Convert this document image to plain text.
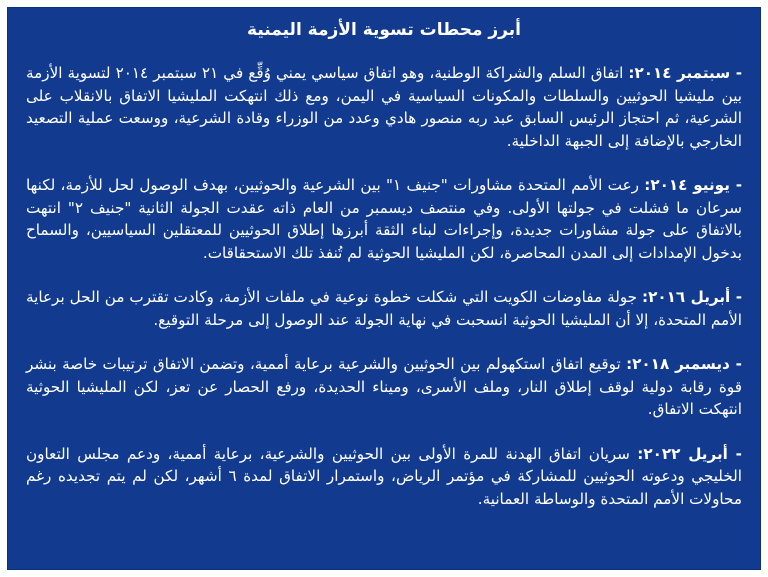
أبرز محطات تسوية الأزمة اليمنية

- سبتمبر ٢٠١٤: اتفاق السلم والشراكة الوطنية، وهو اتفاق سياسي يمني وُقِّع في ٢١ سبتمبر ٢٠١٤ لتسوية الأزمة بين مليشيا الحوثيين والسلطات والمكونات السياسية في اليمن، ومع ذلك انتهكت المليشيا الاتفاق بالانقلاب على الشرعية، ثم احتجاز الرئيس السابق عبد ربه منصور هادي وعدد من الوزراء وقادة الشرعية، ووسعت عملية التصعيد الخارجي بالإضافة إلى الجبهة الداخلية.

- يونيو ٢٠١٤: رعت الأمم المتحدة مشاورات "جنيف ١" بين الشرعية والحوثيين، بهدف الوصول لحل للأزمة، لكنها سرعان ما فشلت في جولتها الأولى. وفي منتصف ديسمبر من العام ذاته عقدت الجولة الثانية "جنيف ٢" انتهت بالاتفاق على جولة مشاورات جديدة، وإجراءات لبناء الثقة أبرزها إطلاق الحوثيين للمعتقلين السياسيين، والسماح بدخول الإمدادات إلى المدن المحاصرة، لكن المليشيا الحوثية لم تُنفذ تلك الاستحقاقات.

- أبريل ٢٠١٦: جولة مفاوضات الكويت التي شكلت خطوة نوعية في ملفات الأزمة، وكادت تقترب من الحل برعاية الأمم المتحدة، إلا أن المليشيا الحوثية انسحبت في نهاية الجولة عند الوصول إلى مرحلة التوقيع.

- ديسمبر ٢٠١٨: توقيع اتفاق استكهولم بين الحوثيين والشرعية برعاية أممية، وتضمن الاتفاق ترتيبات خاصة بنشر قوة رقابة دولية لوقف إطلاق النار، وملف الأسرى، وميناء الحديدة، ورفع الحصار عن تعز، لكن المليشيا الحوثية انتهكت الاتفاق.

- أبريل ٢٠٢٢: سريان اتفاق الهدنة للمرة الأولى بين الحوثيين والشرعية، برعاية أممية، ودعم مجلس التعاون الخليجي ودعوته الحوثيين للمشاركة في مؤتمر الرياض، واستمرار الاتفاق لمدة ٦ أشهر، لكن لم يتم تجديده رغم محاولات الأمم المتحدة والوساطة العمانية.
